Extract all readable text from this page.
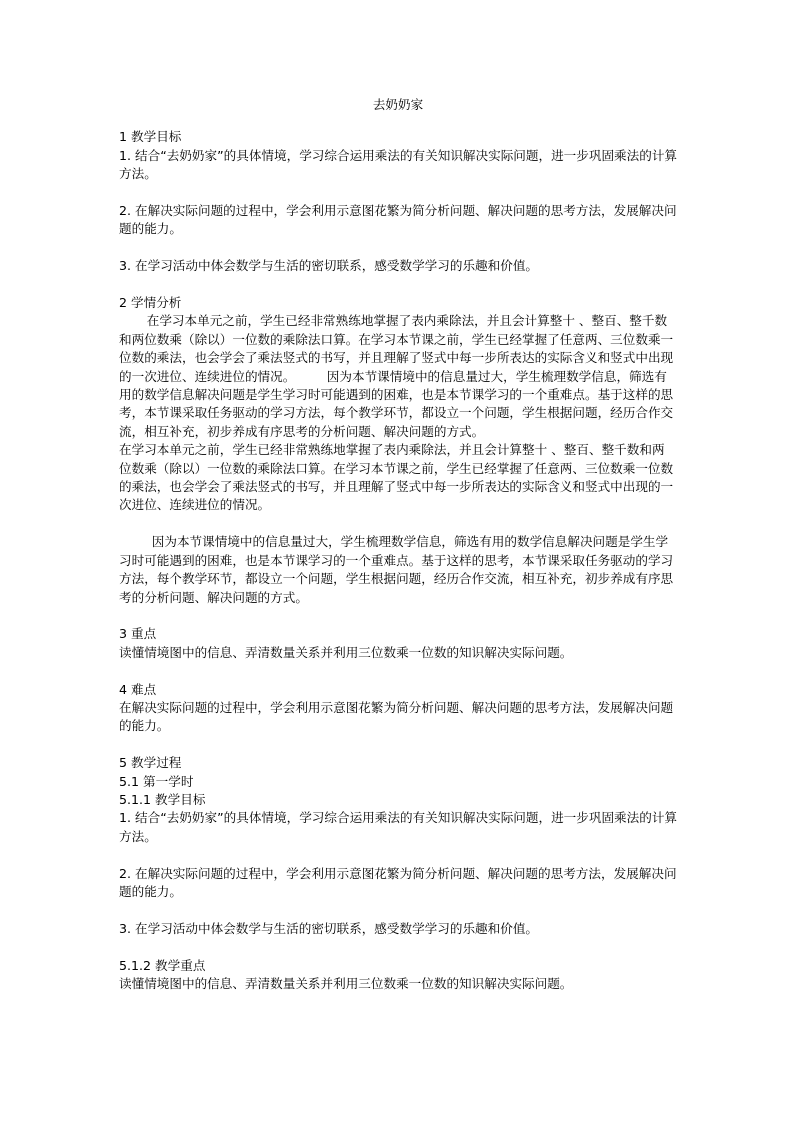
去奶奶家

1 教学目标

1. 结合“去奶奶家”的具体情境，学习综合运用乘法的有关知识解决实际问题，进一步巩固乘法的计算方法。

2. 在解决实际问题的过程中，学会利用示意图花繁为简分析问题、解决问题的思考方法，发展解决问题的能力。

3. 在学习活动中体会数学与生活的密切联系，感受数学学习的乐趣和价值。

2 学情分析

在学习本单元之前，学生已经非常熟练地掌握了表内乘除法，并且会计算整十 、整百、整千数和两位数乘（除以）一位数的乘除法口算。在学习本节课之前，学生已经掌握了任意两、三位数乘一位数的乘法，也会学会了乘法竖式的书写，并且理解了竖式中每一步所表达的实际含义和竖式中出现的一次进位、连续进位的情况。　　　因为本节课情境中的信息量过大，学生梳理数学信息，筛选有用的数学信息解决问题是学生学习时可能遇到的困难，也是本节课学习的一个重难点。基于这样的思考，本节课采取任务驱动的学习方法，每个教学环节，都设立一个问题，学生根据问题，经历合作交流，相互补充，初步养成有序思考的分析问题、解决问题的方式。

在学习本单元之前，学生已经非常熟练地掌握了表内乘除法，并且会计算整十 、整百、整千数和两位数乘（除以）一位数的乘除法口算。在学习本节课之前，学生已经掌握了任意两、三位数乘一位数的乘法，也会学会了乘法竖式的书写，并且理解了竖式中每一步所表达的实际含义和竖式中出现的一次进位、连续进位的情况。

因为本节课情境中的信息量过大，学生梳理数学信息，筛选有用的数学信息解决问题是学生学习时可能遇到的困难，也是本节课学习的一个重难点。基于这样的思考，本节课采取任务驱动的学习方法，每个教学环节，都设立一个问题，学生根据问题，经历合作交流，相互补充，初步养成有序思考的分析问题、解决问题的方式。

3 重点

读懂情境图中的信息、弄清数量关系并利用三位数乘一位数的知识解决实际问题。

4 难点

在解决实际问题的过程中，学会利用示意图花繁为简分析问题、解决问题的思考方法，发展解决问题的能力。

5 教学过程

5.1 第一学时

5.1.1 教学目标

1. 结合“去奶奶家”的具体情境，学习综合运用乘法的有关知识解决实际问题，进一步巩固乘法的计算方法。

2. 在解决实际问题的过程中，学会利用示意图花繁为简分析问题、解决问题的思考方法，发展解决问题的能力。

3. 在学习活动中体会数学与生活的密切联系，感受数学学习的乐趣和价值。

5.1.2 教学重点

读懂情境图中的信息、弄清数量关系并利用三位数乘一位数的知识解决实际问题。
